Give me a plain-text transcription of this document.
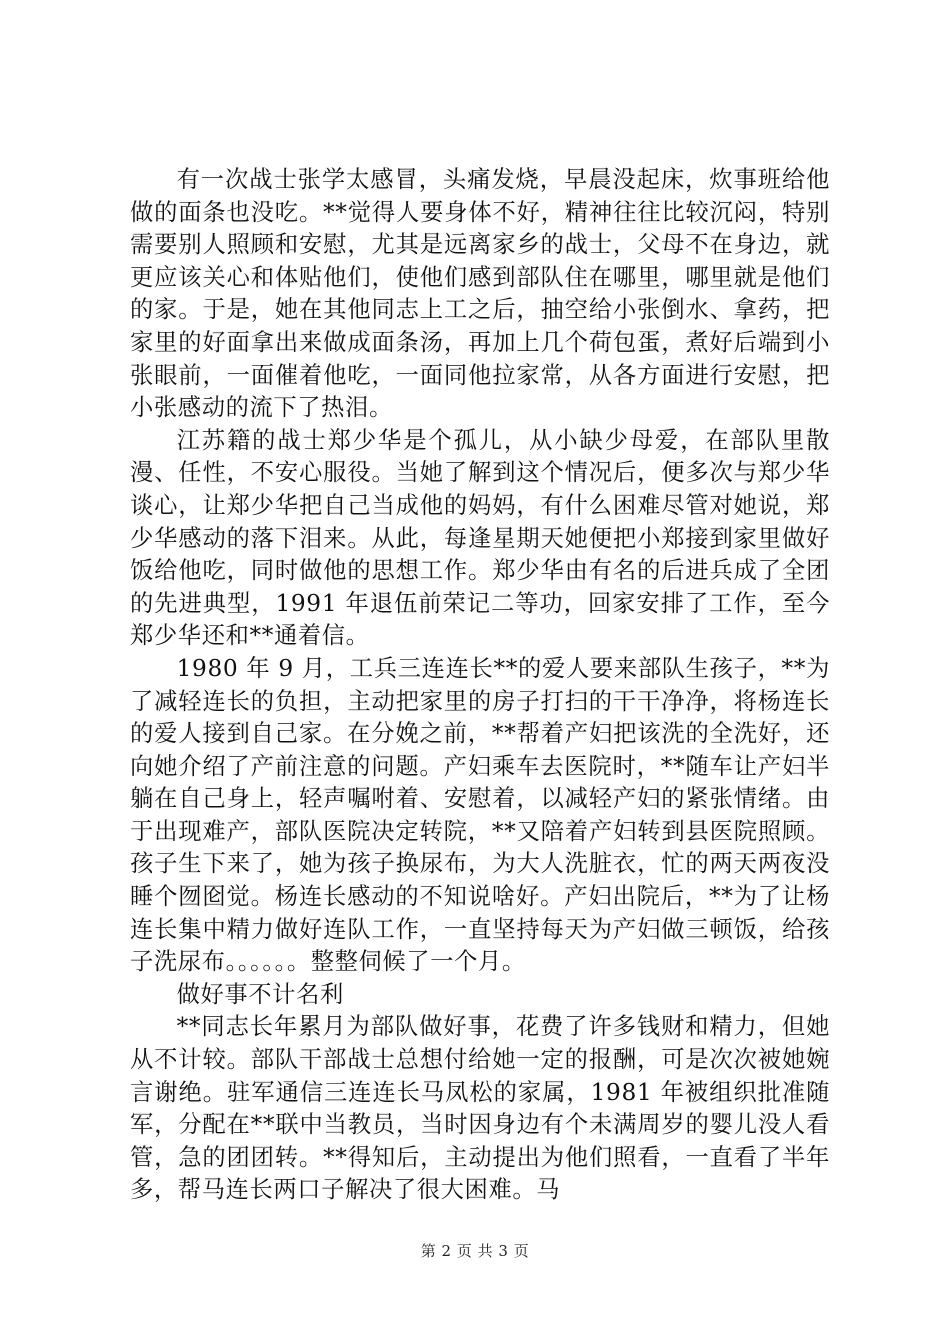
有一次战士张学太感冒，头痛发烧，早晨没起床，炊事班给他做的面条也没吃。**觉得人要身体不好，精神往往比较沉闷，特别需要别人照顾和安慰，尤其是远离家乡的战士，父母不在身边，就更应该关心和体贴他们，使他们感到部队住在哪里，哪里就是他们的家。于是，她在其他同志上工之后，抽空给小张倒水、拿药，把家里的好面拿出来做成面条汤，再加上几个荷包蛋，煮好后端到小张眼前，一面催着他吃，一面同他拉家常，从各方面进行安慰，把小张感动的流下了热泪。

江苏籍的战士郑少华是个孤儿，从小缺少母爱，在部队里散漫、任性，不安心服役。当她了解到这个情况后，便多次与郑少华谈心，让郑少华把自己当成他的妈妈，有什么困难尽管对她说，郑少华感动的落下泪来。从此，每逢星期天她便把小郑接到家里做好饭给他吃，同时做他的思想工作。郑少华由有名的后进兵成了全团的先进典型，1991 年退伍前荣记二等功，回家安排了工作，至今郑少华还和**通着信。

1980 年 9 月，工兵三连连长**的爱人要来部队生孩子，**为了减轻连长的负担，主动把家里的房子打扫的干干净净，将杨连长的爱人接到自己家。在分娩之前，**帮着产妇把该洗的全洗好，还向她介绍了产前注意的问题。产妇乘车去医院时，**随车让产妇半躺在自己身上，轻声嘱咐着、安慰着，以减轻产妇的紧张情绪。由于出现难产，部队医院决定转院，**又陪着产妇转到县医院照顾。孩子生下来了，她为孩子换尿布，为大人洗脏衣，忙的两天两夜没睡个囫囵觉。杨连长感动的不知说啥好。产妇出院后，**为了让杨连长集中精力做好连队工作，一直坚持每天为产妇做三顿饭，给孩子洗尿布。。。。。。整整伺候了一个月。

做好事不计名利

**同志长年累月为部队做好事，花费了许多钱财和精力，但她从不计较。部队干部战士总想付给她一定的报酬，可是次次被她婉言谢绝。驻军通信三连连长马凤松的家属，1981 年被组织批准随军，分配在**联中当教员，当时因身边有个未满周岁的婴儿没人看管，急的团团转。**得知后，主动提出为他们照看，一直看了半年多，帮马连长两口子解决了很大困难。马

第 2 页 共 3 页
